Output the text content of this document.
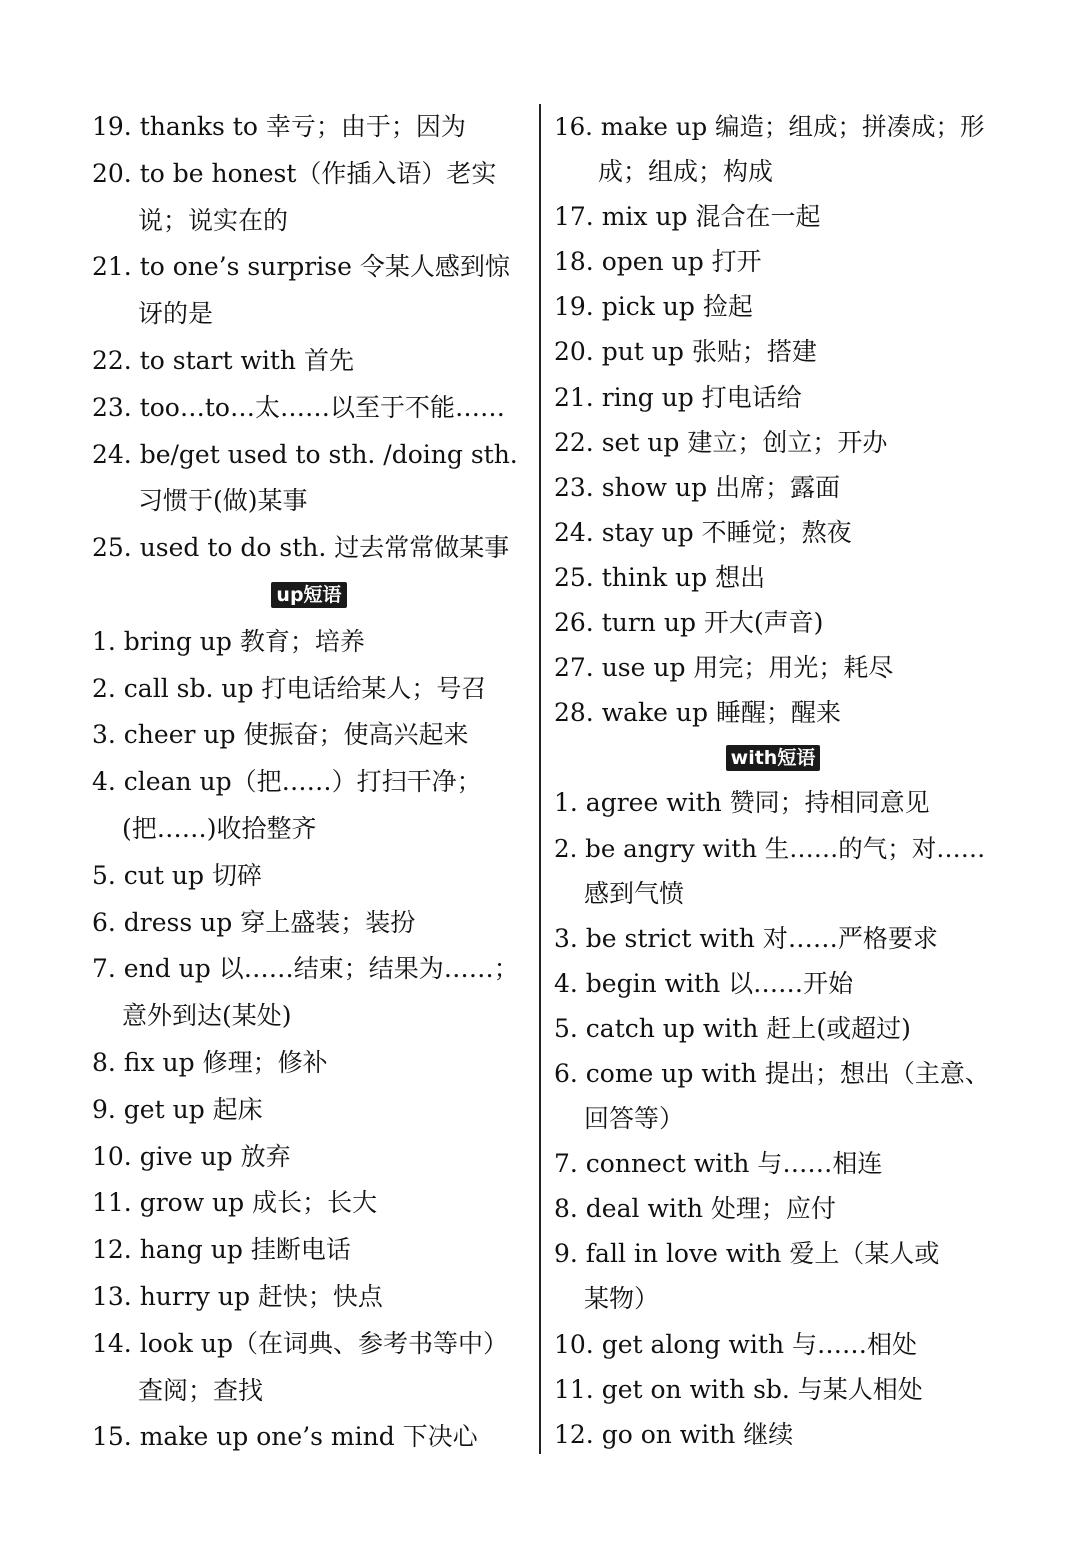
19. thanks to 幸亏；由于；因为
20. to be honest（作插入语）老实
说；说实在的
21. to one’s surprise 令某人感到惊
讶的是
22. to start with 首先
23. too…to…太……以至于不能……
24. be/get used to sth. /doing sth.
习惯于(做)某事
25. used to do sth. 过去常常做某事
up短语
1. bring up 教育；培养
2. call sb. up 打电话给某人；号召
3. cheer up 使振奋；使高兴起来
4. clean up（把……）打扫干净；
(把……)收拾整齐
5. cut up 切碎
6. dress up 穿上盛装；装扮
7. end up 以……结束；结果为……；
意外到达(某处)
8. fix up 修理；修补
9. get up 起床
10. give up 放弃
11. grow up 成长；长大
12. hang up 挂断电话
13. hurry up 赶快；快点
14. look up（在词典、参考书等中）
查阅；查找
15. make up one’s mind 下决心
16. make up 编造；组成；拼凑成；形
成；组成；构成
17. mix up 混合在一起
18. open up 打开
19. pick up 捡起
20. put up 张贴；搭建
21. ring up 打电话给
22. set up 建立；创立；开办
23. show up 出席；露面
24. stay up 不睡觉；熬夜
25. think up 想出
26. turn up 开大(声音)
27. use up 用完；用光；耗尽
28. wake up 睡醒；醒来
with短语
1. agree with 赞同；持相同意见
2. be angry with 生……的气；对……
感到气愤
3. be strict with 对……严格要求
4. begin with 以……开始
5. catch up with 赶上(或超过)
6. come up with 提出；想出（主意、
回答等）
7. connect with 与……相连
8. deal with 处理；应付
9. fall in love with 爱上（某人或
某物）
10. get along with 与……相处
11. get on with sb. 与某人相处
12. go on with 继续
